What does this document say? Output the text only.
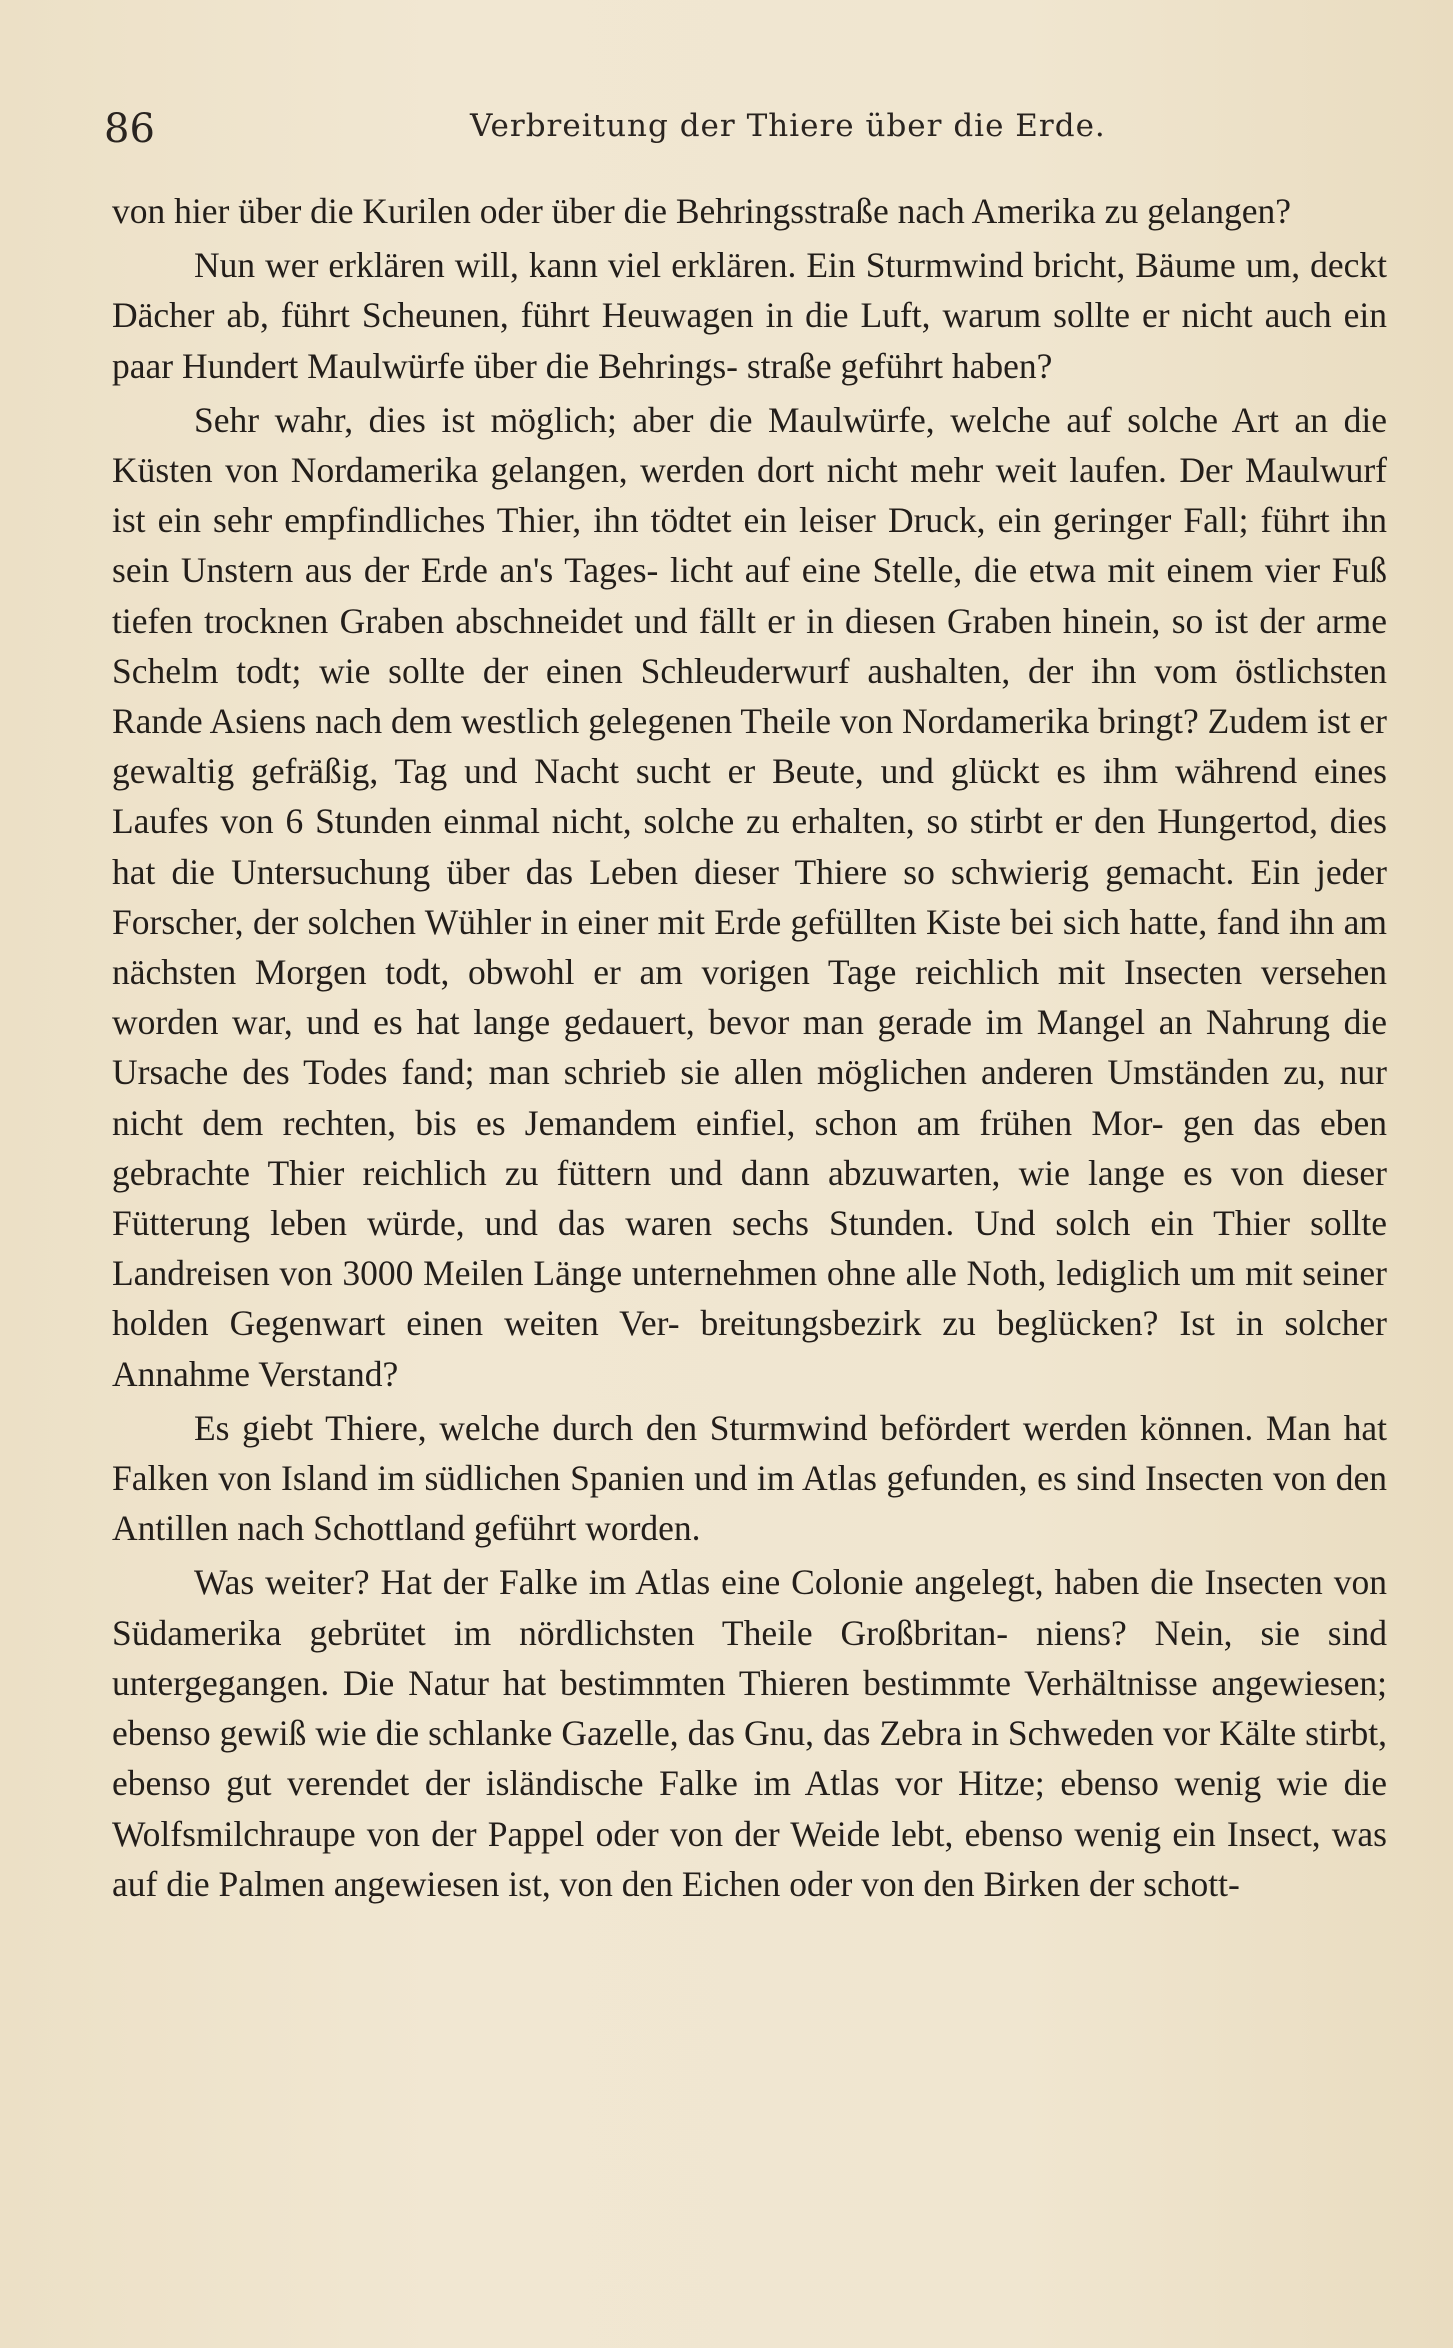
86	Verbreitung der Thiere über die Erde.

von hier über die Kurilen oder über die Behringsstraße nach Amerika zu gelangen?

Nun wer erklären will, kann viel erklären. Ein Sturmwind bricht, Bäume um, deckt Dächer ab, führt Scheunen, führt Heuwagen in die Luft, warum sollte er nicht auch ein paar Hundert Maulwürfe über die Behrings- straße geführt haben?

Sehr wahr, dies ist möglich; aber die Maulwürfe, welche auf solche Art an die Küsten von Nordamerika gelangen, werden dort nicht mehr weit laufen. Der Maulwurf ist ein sehr empfindliches Thier, ihn tödtet ein leiser Druck, ein geringer Fall; führt ihn sein Unstern aus der Erde an's Tages- licht auf eine Stelle, die etwa mit einem vier Fuß tiefen trocknen Graben abschneidet und fällt er in diesen Graben hinein, so ist der arme Schelm todt; wie sollte der einen Schleuderwurf aushalten, der ihn vom östlichsten Rande Asiens nach dem westlich gelegenen Theile von Nordamerika bringt? Zudem ist er gewaltig gefräßig, Tag und Nacht sucht er Beute, und glückt es ihm während eines Laufes von 6 Stunden einmal nicht, solche zu erhalten, so stirbt er den Hungertod, dies hat die Untersuchung über das Leben dieser Thiere so schwierig gemacht. Ein jeder Forscher, der solchen Wühler in einer mit Erde gefüllten Kiste bei sich hatte, fand ihn am nächsten Morgen todt, obwohl er am vorigen Tage reichlich mit Insecten versehen worden war, und es hat lange gedauert, bevor man gerade im Mangel an Nahrung die Ursache des Todes fand; man schrieb sie allen möglichen anderen Umständen zu, nur nicht dem rechten, bis es Jemandem einfiel, schon am frühen Mor- gen das eben gebrachte Thier reichlich zu füttern und dann abzuwarten, wie lange es von dieser Fütterung leben würde, und das waren sechs Stunden. Und solch ein Thier sollte Landreisen von 3000 Meilen Länge unternehmen ohne alle Noth, lediglich um mit seiner holden Gegenwart einen weiten Ver- breitungsbezirk zu beglücken? Ist in solcher Annahme Verstand?

Es giebt Thiere, welche durch den Sturmwind befördert werden können. Man hat Falken von Island im südlichen Spanien und im Atlas gefunden, es sind Insecten von den Antillen nach Schottland geführt worden.

Was weiter? Hat der Falke im Atlas eine Colonie angelegt, haben die Insecten von Südamerika gebrütet im nördlichsten Theile Großbritan- niens? Nein, sie sind untergegangen. Die Natur hat bestimmten Thieren bestimmte Verhältnisse angewiesen; ebenso gewiß wie die schlanke Gazelle, das Gnu, das Zebra in Schweden vor Kälte stirbt, ebenso gut verendet der isländische Falke im Atlas vor Hitze; ebenso wenig wie die Wolfsmilchraupe von der Pappel oder von der Weide lebt, ebenso wenig ein Insect, was auf die Palmen angewiesen ist, von den Eichen oder von den Birken der schott-
